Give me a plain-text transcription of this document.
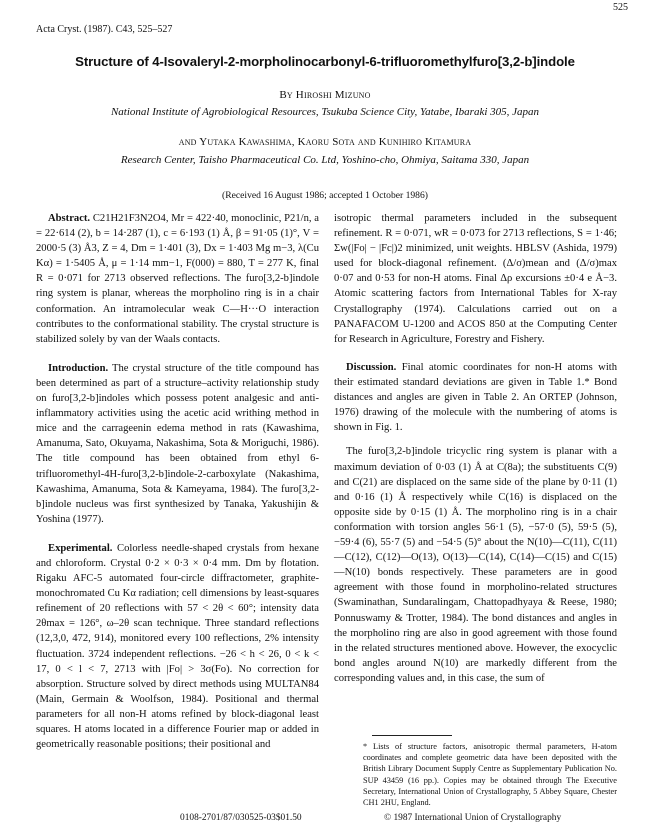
525
Acta Cryst. (1987). C43, 525–527
Structure of 4-Isovaleryl-2-morpholinocarbonyl-6-trifluoromethylfuro[3,2-b]indole
By Hiroshi Mizuno
National Institute of Agrobiological Resources, Tsukuba Science City, Yatabe, Ibaraki 305, Japan
and Yutaka Kawashima, Kaoru Sota and Kunihiro Kitamura
Research Center, Taisho Pharmaceutical Co. Ltd, Yoshino-cho, Ohmiya, Saitama 330, Japan
(Received 16 August 1986; accepted 1 October 1986)

Abstract. C21H21F3N2O4, Mr = 422·40, monoclinic, P21/n, a = 22·614 (2), b = 14·287 (1), c = 6·193 (1) Å, β = 91·05 (1)°, V = 2000·5 (3) Å3, Z = 4, Dm = 1·401 (3), Dx = 1·403 Mg m−3, λ(Cu Kα) = 1·5405 Å, μ = 1·14 mm−1, F(000) = 880, T = 277 K, final R = 0·071 for 2713 observed reflections. The furo[3,2-b]indole ring system is planar, whereas the morpholino ring is in a chair conformation. An intramolecular weak C—H···O interaction contributes to the conformational stability. The crystal structure is stabilized solely by van der Waals contacts.

Introduction. The crystal structure of the title compound has been determined as part of a structure–activity relationship study on furo[3,2-b]indoles which possess potent analgesic and anti-inflammatory activities using the acetic acid writhing method in mice and the carrageenin edema method in rats (Kawashima, Amanuma, Sato, Okuyama, Nakashima, Sota & Moriguchi, 1986). The title compound has been obtained from ethyl 6-trifluoromethyl-4H-furo[3,2-b]indole-2-carboxylate (Nakashima, Kawashima, Amanuma, Sota & Kameyama, 1984). The furo[3,2-b]indole nucleus was first synthesized by Tanaka, Yakushijin & Yoshina (1977).

Experimental. Colorless needle-shaped crystals from hexane and chloroform. Crystal 0·2 × 0·3 × 0·4 mm. Dm by flotation. Rigaku AFC-5 automated four-circle diffractometer, graphite-monochromated Cu Kα radiation; cell dimensions by least-squares refinement of 20 reflections with 57 < 2θ < 60°; intensity data 2θmax = 126°, ω–2θ scan technique. Three standard reflections (12,3,0, 472, 914), monitored every 100 reflections, 2% intensity fluctuation. 3724 independent reflections. −26 < h < 26, 0 < k < 17, 0 < l < 7, 2713 with |Fo| > 3σ(Fo). No correction for absorption. Structure solved by direct methods using MULTAN84 (Main, Germain & Woolfson, 1984). Positional and thermal parameters for all non-H atoms refined by block-diagonal least squares. H atoms located in a difference Fourier map or added in geometrically reasonable positions; their positional and

isotropic thermal parameters included in the subsequent refinement. R = 0·071, wR = 0·073 for 2713 reflections, S = 1·46; Σw(|Fo| − |Fc|)2 minimized, unit weights. HBLSV (Ashida, 1979) used for block-diagonal refinement. (Δ/σ)mean and (Δ/σ)max 0·07 and 0·53 for non-H atoms. Final Δρ excursions ±0·4 e Å−3. Atomic scattering factors from International Tables for X-ray Crystallography (1974). Calculations carried out on a PANAFACOM U-1200 and ACOS 850 at the Computing Center for Research in Agriculture, Forestry and Fishery.

Discussion. Final atomic coordinates for non-H atoms with their estimated standard deviations are given in Table 1.* Bond distances and angles are given in Table 2. An ORTEP (Johnson, 1976) drawing of the molecule with the numbering of atoms is shown in Fig. 1.

The furo[3,2-b]indole tricyclic ring system is planar with a maximum deviation of 0·03 (1) Å at C(8a); the substituents C(9) and C(21) are displaced on the same side of the plane by 0·11 (1) and 0·16 (1) Å respectively while C(16) is displaced on the opposite side by 0·15 (1) Å. The morpholino ring is in a chair conformation with torsion angles 56·1 (5), −57·0 (5), 59·5 (5), −59·4 (6), 55·7 (5) and −54·5 (5)° about the N(10)—C(11), C(11)—C(12), C(12)—O(13), O(13)—C(14), C(14)—C(15) and C(15)—N(10) bonds respectively. These parameters are in good agreement with those found in morpholino-related structures (Swaminathan, Sundaralingam, Chattopadhyaya & Reese, 1980; Ponnuswamy & Trotter, 1984). The bond distances and angles in the morpholino ring are also in good agreement with those found in the related structures mentioned above. However, the exocyclic bond angles around N(10) are markedly different from the corresponding values and, in this case, the sum of

* Lists of structure factors, anisotropic thermal parameters, H-atom coordinates and complete geometric data have been deposited with the British Library Document Supply Centre as Supplementary Publication No. SUP 43459 (16 pp.). Copies may be obtained through The Executive Secretary, International Union of Crystallography, 5 Abbey Square, Chester CH1 2HU, England.
0108-2701/87/030525-03$01.50	© 1987 International Union of Crystallography
